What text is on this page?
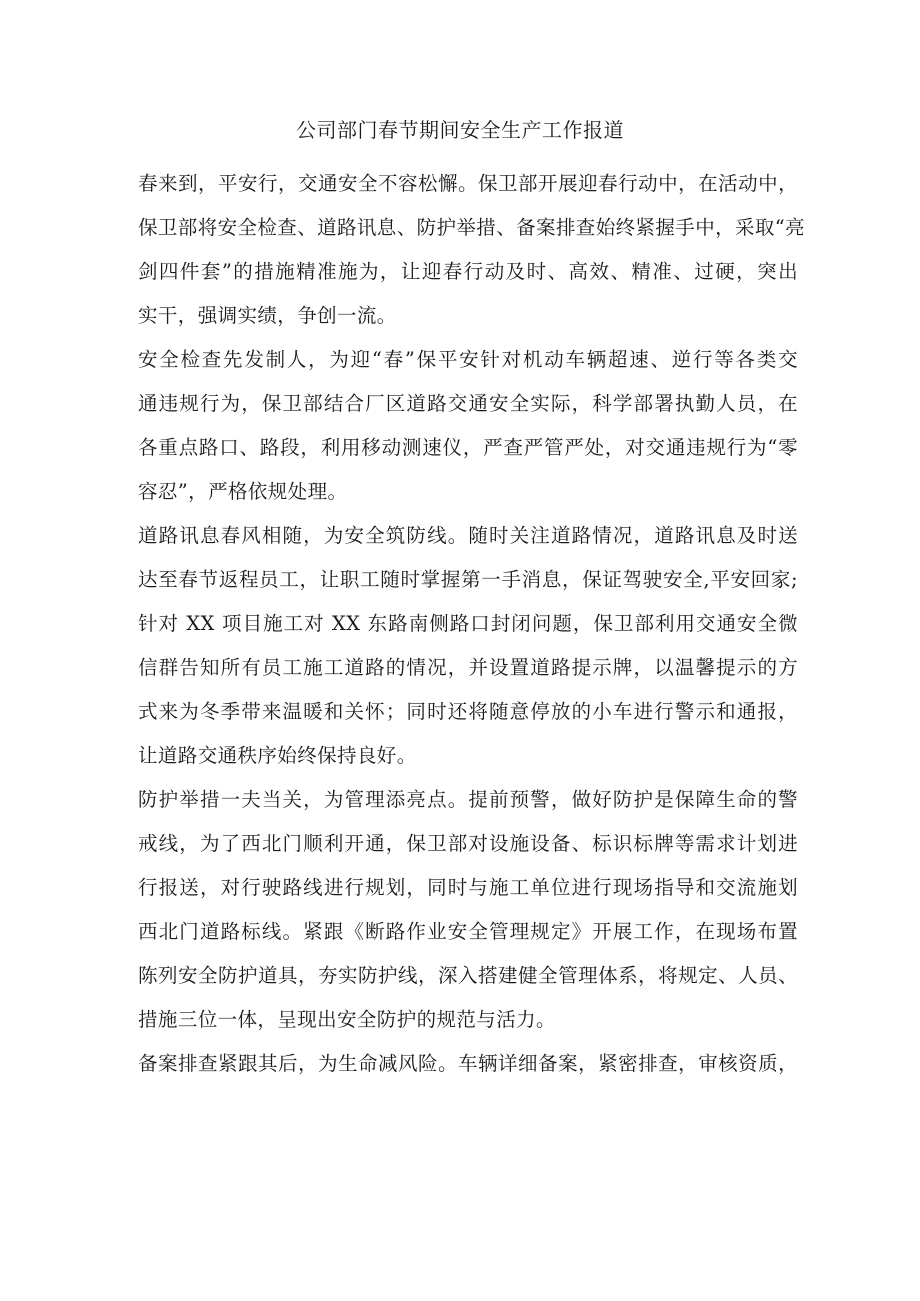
公司部门春节期间安全生产工作报道

春来到，平安行，交通安全不容松懈。保卫部开展迎春行动中，在活动中，
保卫部将安全检查、道路讯息、防护举措、备案排查始终紧握手中，采取“亮
剑四件套”的措施精准施为，让迎春行动及时、高效、精准、过硬，突出
实干，强调实绩，争创一流。

安全检查先发制人，为迎“春”保平安针对机动车辆超速、逆行等各类交
通违规行为，保卫部结合厂区道路交通安全实际，科学部署执勤人员，在
各重点路口、路段，利用移动测速仪，严查严管严处，对交通违规行为“零
容忍”，严格依规处理。

道路讯息春风相随，为安全筑防线。随时关注道路情况，道路讯息及时送
达至春节返程员工，让职工随时掌握第一手消息，保证驾驶安全,平安回家;
针对 XX 项目施工对 XX 东路南侧路口封闭问题，保卫部利用交通安全微
信群告知所有员工施工道路的情况，并设置道路提示牌，以温馨提示的方
式来为冬季带来温暖和关怀；同时还将随意停放的小车进行警示和通报，
让道路交通秩序始终保持良好。

防护举措一夫当关，为管理添亮点。提前预警，做好防护是保障生命的警
戒线，为了西北门顺利开通，保卫部对设施设备、标识标牌等需求计划进
行报送，对行驶路线进行规划，同时与施工单位进行现场指导和交流施划
西北门道路标线。紧跟《断路作业安全管理规定》开展工作，在现场布置
陈列安全防护道具，夯实防护线，深入搭建健全管理体系，将规定、人员、
措施三位一体，呈现出安全防护的规范与活力。

备案排查紧跟其后，为生命减风险。车辆详细备案，紧密排查，审核资质，
